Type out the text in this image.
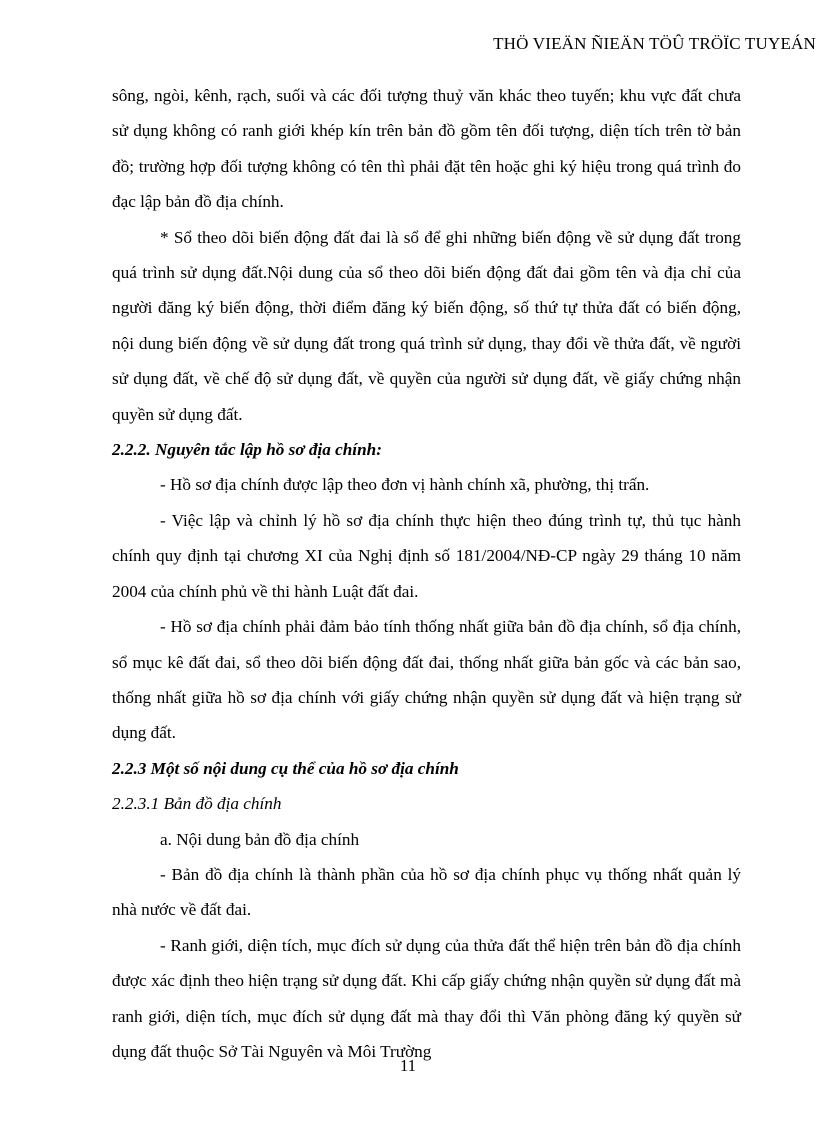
THÖ VIEÄN ÑIEÄN TÖÛ TRÖÏC TUYEÁN

sông, ngòi, kênh, rạch, suối và các đối tượng thuỷ văn khác theo tuyến; khu vực đất chưa sử dụng không có ranh giới khép kín trên bản đồ gồm tên đối tượng, diện tích trên tờ bản đồ; trường hợp đối tượng không có tên thì phải đặt tên hoặc ghi ký hiệu trong quá trình đo đạc lập bản đồ địa chính.

* Sổ theo dõi biến động đất đai là sổ để ghi những biến động về sử dụng đất trong quá trình sử dụng đất.Nội dung của sổ theo dõi biến động đất đai gồm tên và địa chỉ của người đăng ký biến động, thời điểm đăng ký biến động, số thứ tự thửa đất có biến động, nội dung biến động về sử dụng đất trong quá trình sử dụng, thay đổi về thửa đất, về người sử dụng đất, về chế độ sử dụng đất, về quyền của người sử dụng đất, về giấy chứng nhận quyền sử dụng đất.

2.2.2. Nguyên tắc lập hồ sơ địa chính:

- Hồ sơ địa chính được lập theo đơn vị hành chính xã, phường, thị trấn.

- Việc lập và chỉnh lý hồ sơ địa chính thực hiện theo đúng trình tự, thủ tục hành chính quy định tại chương XI của Nghị định số 181/2004/NĐ-CP ngày 29 tháng 10 năm 2004 của chính phủ về thi hành Luật đất đai.

- Hồ sơ địa chính phải đảm bảo tính thống nhất giữa bản đồ địa chính, sổ địa chính, sổ mục kê đất đai, sổ theo dõi biến động đất đai, thống nhất giữa bản gốc và các bản sao, thống nhất giữa hồ sơ địa chính với giấy chứng nhận quyền sử dụng đất và hiện trạng sử dụng đất.

2.2.3 Một số nội dung cụ thể của hồ sơ địa chính

2.2.3.1 Bản đồ địa chính

a. Nội dung bản đồ địa chính

- Bản đồ địa chính là thành phần của hồ sơ địa chính phục vụ thống nhất quản lý nhà nước về đất đai.

- Ranh giới, diện tích, mục đích sử dụng của thửa đất thể hiện trên bản đồ địa chính được xác định theo hiện trạng sử dụng đất. Khi cấp giấy chứng nhận quyền sử dụng đất mà ranh giới, diện tích, mục đích sử dụng đất mà thay đổi thì Văn phòng đăng ký quyền sử dụng đất thuộc Sở Tài Nguyên và Môi Trường

11
